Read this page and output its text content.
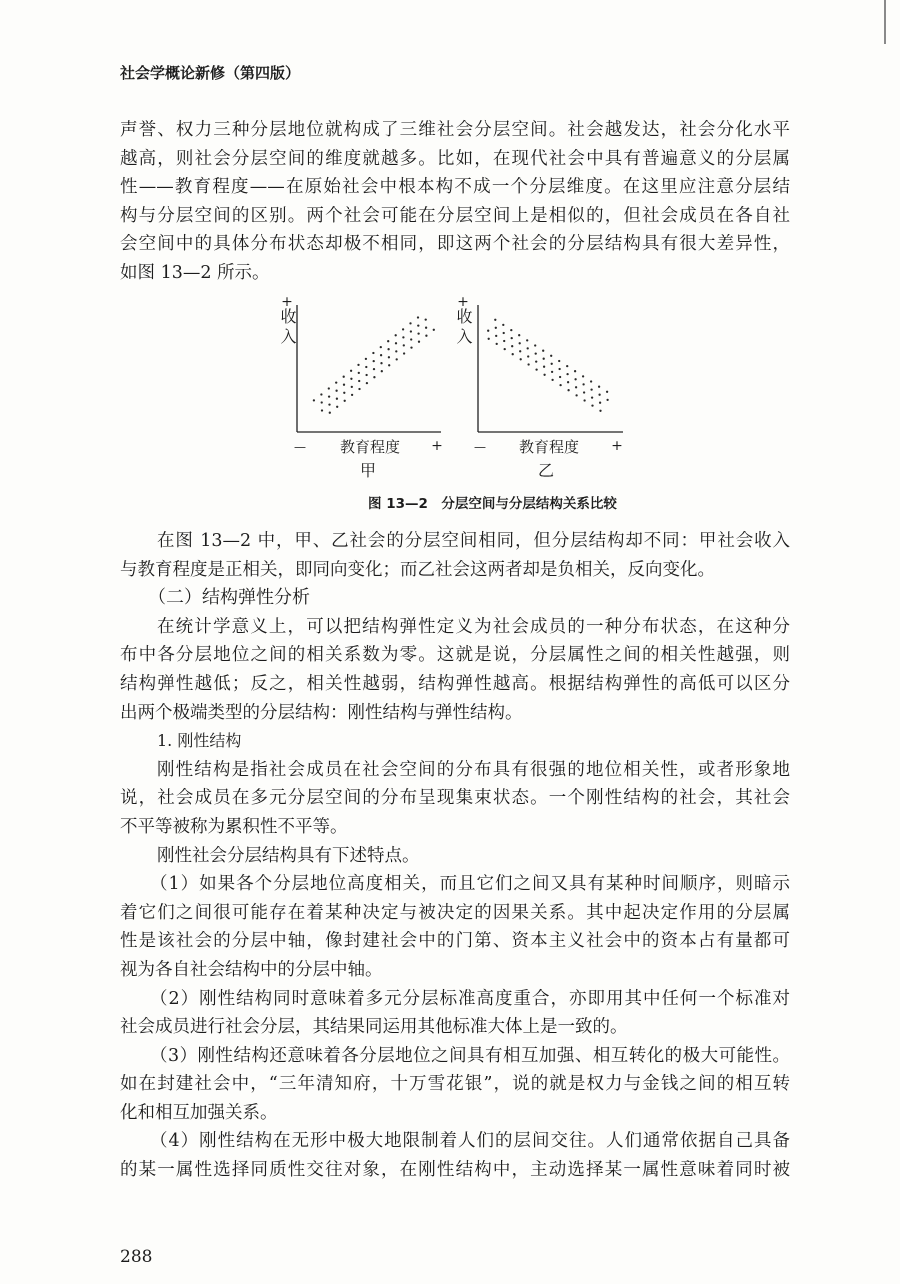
社会学概论新修（第四版）
声誉、权力三种分层地位就构成了三维社会分层空间。社会越发达，社会分化水平
越高，则社会分层空间的维度就越多。比如，在现代社会中具有普遍意义的分层属
性——教育程度——在原始社会中根本构不成一个分层维度。在这里应注意分层结
构与分层空间的区别。两个社会可能在分层空间上是相似的，但社会成员在各自社
会空间中的具体分布状态却极不相同，即这两个社会的分层结构具有很大差异性，
如图 13—2 所示。
+
收入
— 教育程度 +
甲
+
收入
— 教育程度 +
乙
图 13—2　分层空间与分层结构关系比较
在图 13—2 中，甲、乙社会的分层空间相同，但分层结构却不同：甲社会收入
与教育程度是正相关，即同向变化；而乙社会这两者却是负相关，反向变化。
（二）结构弹性分析
在统计学意义上，可以把结构弹性定义为社会成员的一种分布状态，在这种分
布中各分层地位之间的相关系数为零。这就是说，分层属性之间的相关性越强，则
结构弹性越低；反之，相关性越弱，结构弹性越高。根据结构弹性的高低可以区分
出两个极端类型的分层结构：刚性结构与弹性结构。
1. 刚性结构
刚性结构是指社会成员在社会空间的分布具有很强的地位相关性，或者形象地
说，社会成员在多元分层空间的分布呈现集束状态。一个刚性结构的社会，其社会
不平等被称为累积性不平等。
刚性社会分层结构具有下述特点。
（1）如果各个分层地位高度相关，而且它们之间又具有某种时间顺序，则暗示
着它们之间很可能存在着某种决定与被决定的因果关系。其中起决定作用的分层属
性是该社会的分层中轴，像封建社会中的门第、资本主义社会中的资本占有量都可
视为各自社会结构中的分层中轴。
（2）刚性结构同时意味着多元分层标准高度重合，亦即用其中任何一个标准对
社会成员进行社会分层，其结果同运用其他标准大体上是一致的。
（3）刚性结构还意味着各分层地位之间具有相互加强、相互转化的极大可能性。
如在封建社会中，“三年清知府，十万雪花银”，说的就是权力与金钱之间的相互转
化和相互加强关系。
（4）刚性结构在无形中极大地限制着人们的层间交往。人们通常依据自己具备
的某一属性选择同质性交往对象，在刚性结构中，主动选择某一属性意味着同时被
288
